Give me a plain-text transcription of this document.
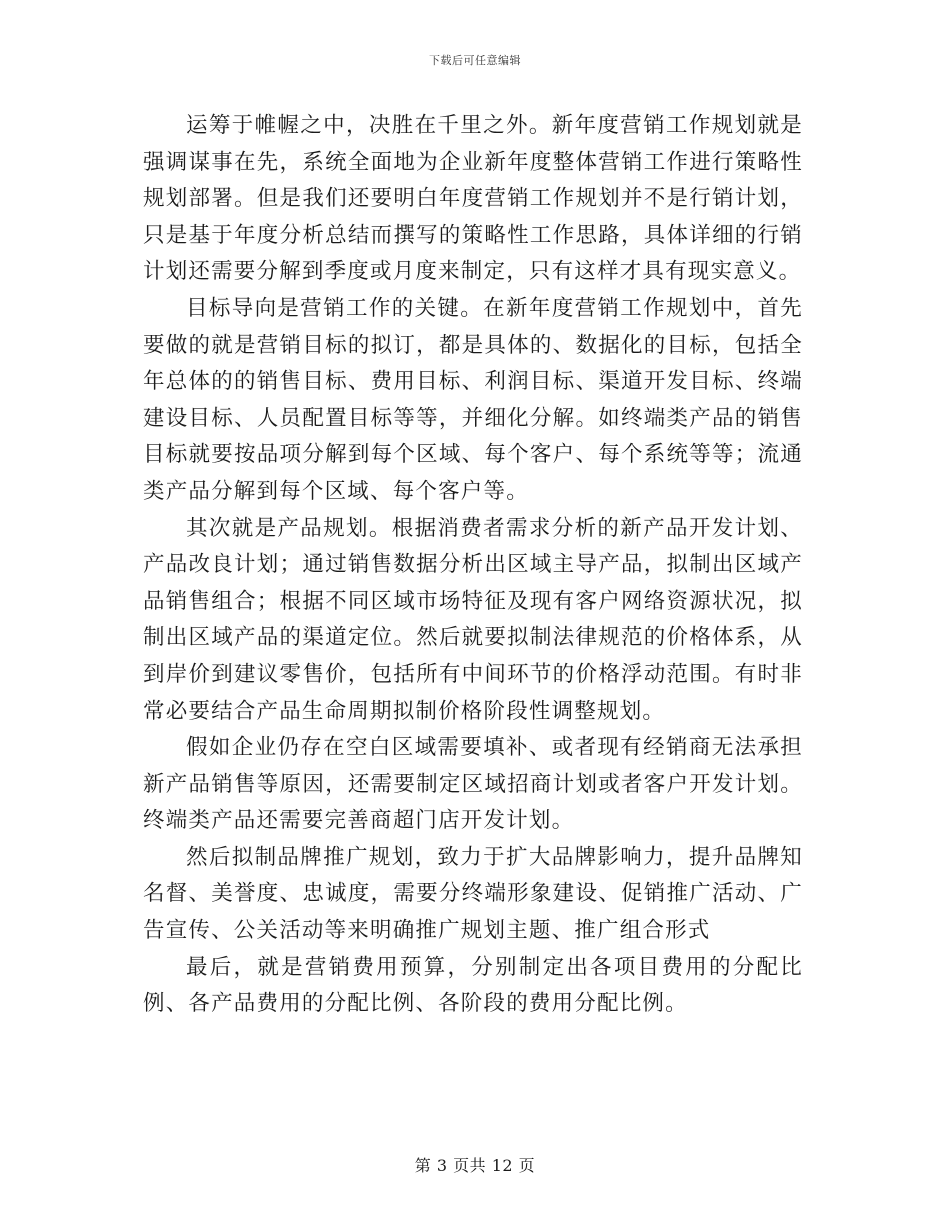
下载后可任意编辑

运筹于帷幄之中，决胜在千里之外。新年度营销工作规划就是强调谋事在先，系统全面地为企业新年度整体营销工作进行策略性规划部署。但是我们还要明白年度营销工作规划并不是行销计划，只是基于年度分析总结而撰写的策略性工作思路，具体详细的行销计划还需要分解到季度或月度来制定，只有这样才具有现实意义。

目标导向是营销工作的关键。在新年度营销工作规划中，首先要做的就是营销目标的拟订，都是具体的、数据化的目标，包括全年总体的的销售目标、费用目标、利润目标、渠道开发目标、终端建设目标、人员配置目标等等，并细化分解。如终端类产品的销售目标就要按品项分解到每个区域、每个客户、每个系统等等；流通类产品分解到每个区域、每个客户等。

其次就是产品规划。根据消费者需求分析的新产品开发计划、产品改良计划；通过销售数据分析出区域主导产品，拟制出区域产品销售组合；根据不同区域市场特征及现有客户网络资源状况，拟制出区域产品的渠道定位。然后就要拟制法律规范的价格体系，从到岸价到建议零售价，包括所有中间环节的价格浮动范围。有时非常必要结合产品生命周期拟制价格阶段性调整规划。

假如企业仍存在空白区域需要填补、或者现有经销商无法承担新产品销售等原因，还需要制定区域招商计划或者客户开发计划。终端类产品还需要完善商超门店开发计划。

然后拟制品牌推广规划，致力于扩大品牌影响力，提升品牌知名督、美誉度、忠诚度，需要分终端形象建设、促销推广活动、广告宣传、公关活动等来明确推广规划主题、推广组合形式

最后，就是营销费用预算，分别制定出各项目费用的分配比例、各产品费用的分配比例、各阶段的费用分配比例。

第 3 页共 12 页
